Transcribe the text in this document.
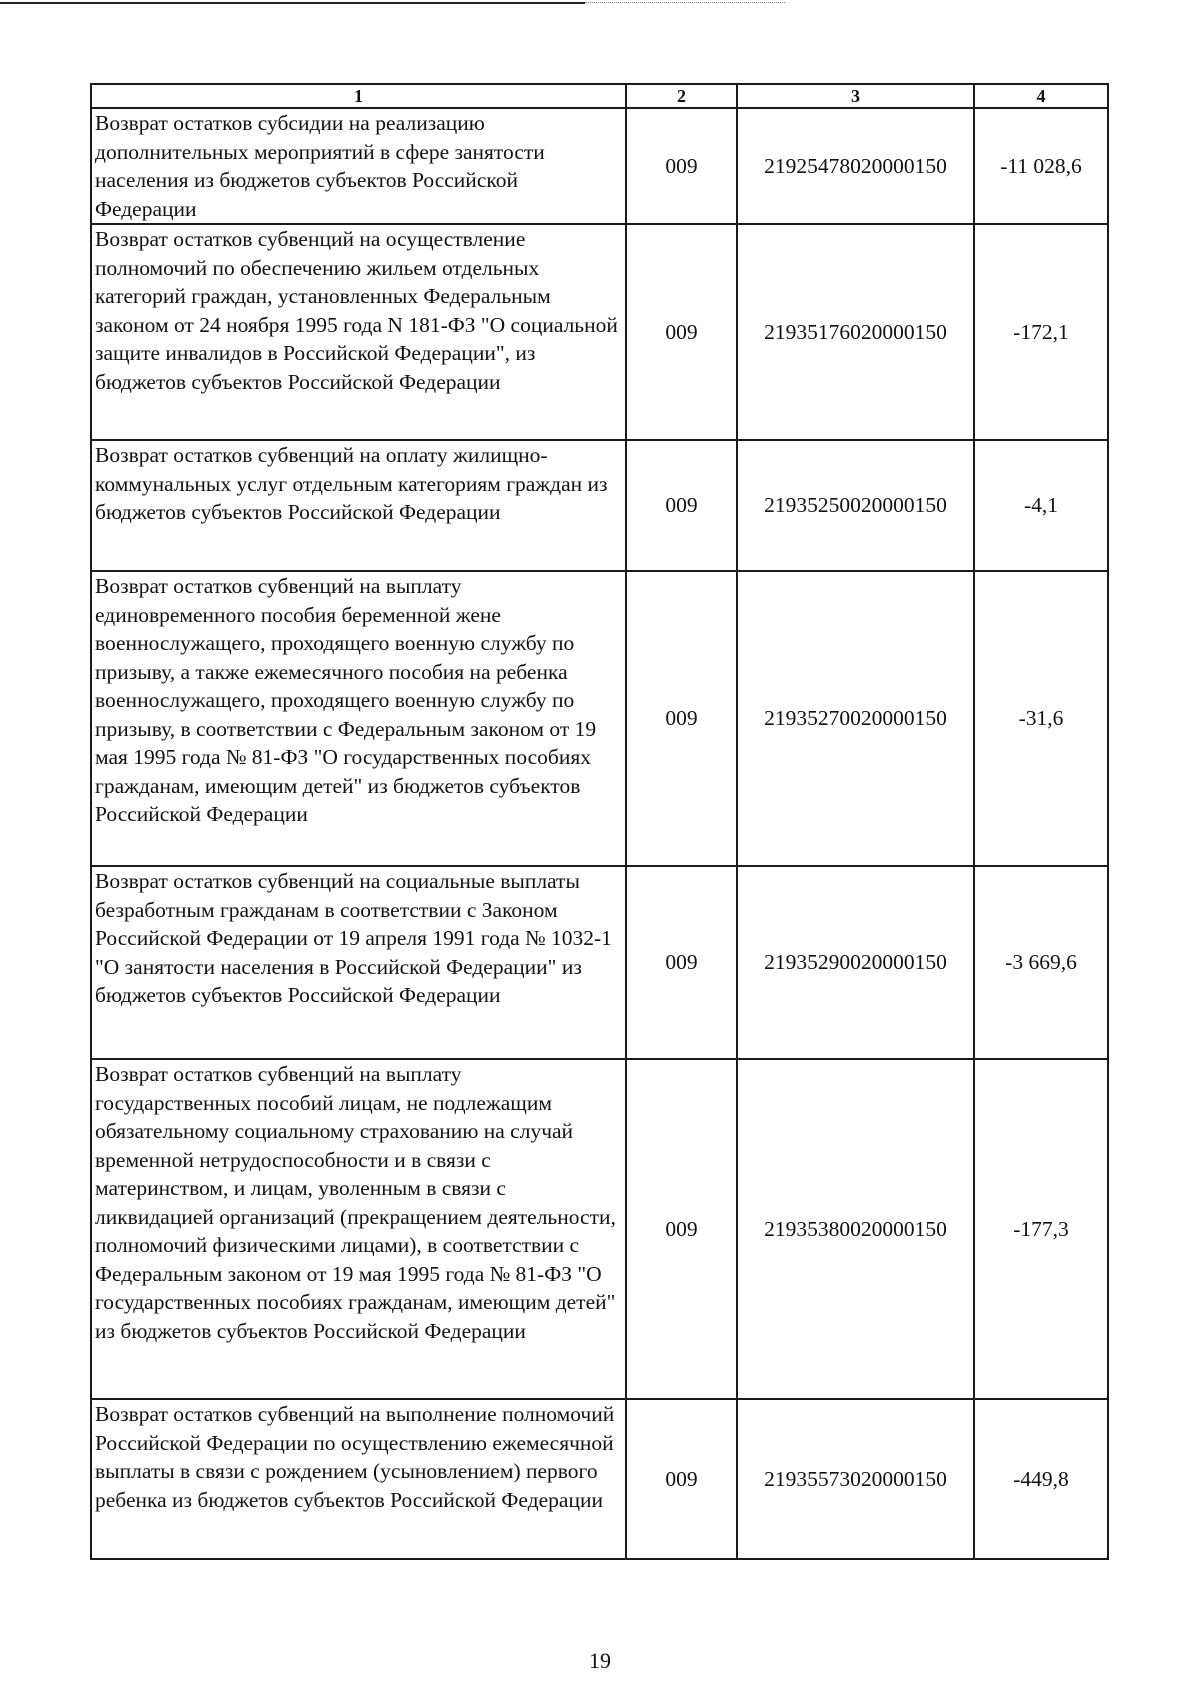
1	2	3	4
Возврат остатков субсидии на реализацию дополнительных мероприятий в сфере занятости населения из бюджетов субъектов Российской Федерации	009	21925478020000150	-11 028,6
Возврат остатков субвенций на осуществление полномочий по обеспечению жильем отдельных категорий граждан, установленных Федеральным законом от 24 ноября 1995 года N 181-ФЗ "О социальной защите инвалидов в Российской Федерации", из бюджетов субъектов Российской Федерации	009	21935176020000150	-172,1
Возврат остатков субвенций на оплату жилищно-коммунальных услуг отдельным категориям граждан из бюджетов субъектов Российской Федерации	009	21935250020000150	-4,1
Возврат остатков субвенций на выплату единовременного пособия беременной жене военнослужащего, проходящего военную службу по призыву, а также ежемесячного пособия на ребенка военнослужащего, проходящего военную службу по призыву, в соответствии с Федеральным законом от 19 мая 1995 года № 81-ФЗ "О государственных пособиях гражданам, имеющим детей" из бюджетов субъектов Российской Федерации	009	21935270020000150	-31,6
Возврат остатков субвенций на социальные выплаты безработным гражданам в соответствии с Законом Российской Федерации от 19 апреля 1991 года № 1032-1 "О занятости населения в Российской Федерации" из бюджетов субъектов Российской Федерации	009	21935290020000150	-3 669,6
Возврат остатков субвенций на выплату государственных пособий лицам, не подлежащим обязательному социальному страхованию на случай временной нетрудоспособности и в связи с материнством, и лицам, уволенным в связи с ликвидацией организаций (прекращением деятельности, полномочий физическими лицами), в соответствии с Федеральным законом от 19 мая 1995 года № 81-ФЗ "О государственных пособиях гражданам, имеющим детей" из бюджетов субъектов Российской Федерации	009	21935380020000150	-177,3
Возврат остатков субвенций на выполнение полномочий Российской Федерации по осуществлению ежемесячной выплаты в связи с рождением (усыновлением) первого ребенка из бюджетов субъектов Российской Федерации	009	21935573020000150	-449,8
19
